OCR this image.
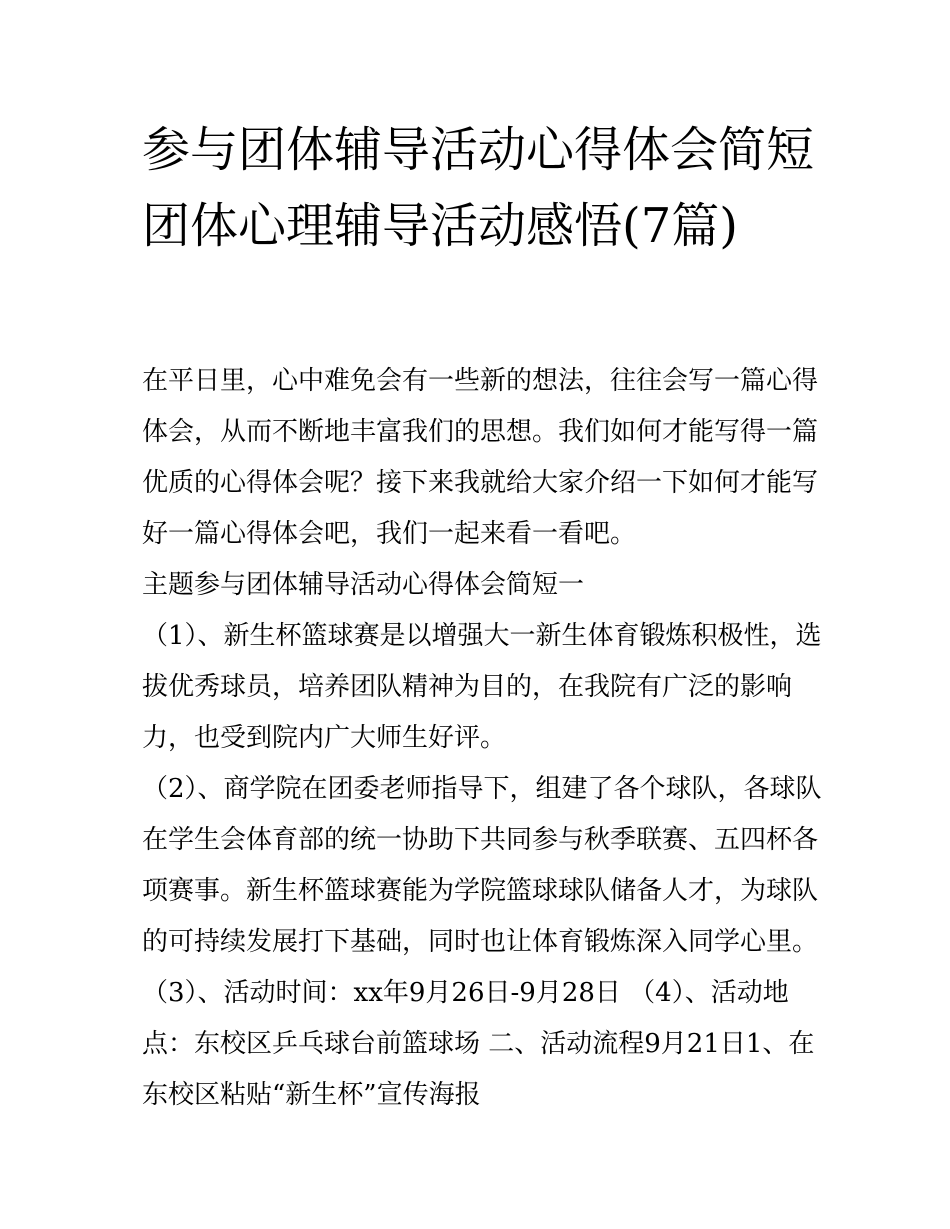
参与团体辅导活动心得体会简短 团体心理辅导活动感悟(7篇)

在平日里，心中难免会有一些新的想法，往往会写一篇心得体会，从而不断地丰富我们的思想。我们如何才能写得一篇优质的心得体会呢？接下来我就给大家介绍一下如何才能写好一篇心得体会吧，我们一起来看一看吧。

主题参与团体辅导活动心得体会简短一

（1）、新生杯篮球赛是以增强大一新生体育锻炼积极性，选拔优秀球员，培养团队精神为目的，在我院有广泛的影响力，也受到院内广大师生好评。

（2）、商学院在团委老师指导下，组建了各个球队，各球队在学生会体育部的统一协助下共同参与秋季联赛、五四杯各项赛事。新生杯篮球赛能为学院篮球球队储备人才，为球队的可持续发展打下基础，同时也让体育锻炼深入同学心里。

（3）、活动时间：xx年9月26日-9月28日 （4）、活动地点：东校区乒乓球台前篮球场 二、活动流程9月21日1、在东校区粘贴“新生杯”宣传海报
